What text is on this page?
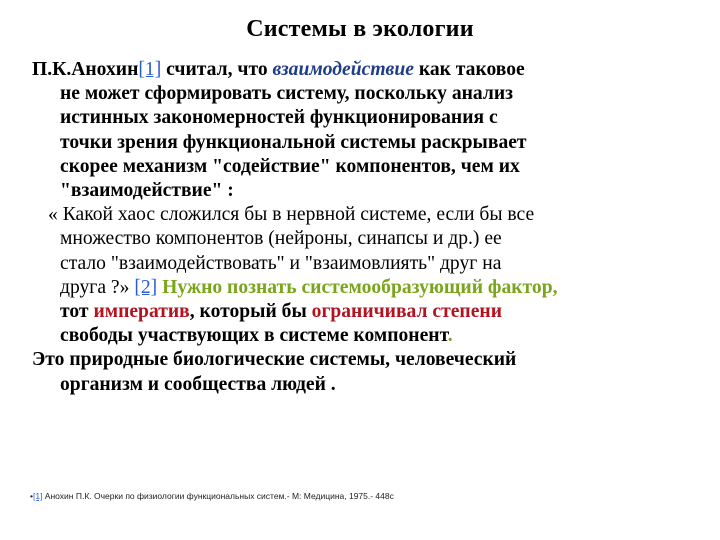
Системы в экологии
П.К.Анохин[1] считал, что взаимодействие как таковое
не может сформировать систему, поскольку анализ
истинных закономерностей функционирования с
точки зрения функциональной системы раскрывает
скорее механизм "содействие" компонентов, чем их
"взаимодействие" :
« Какой хаос сложился бы в нервной системе, если бы все
множество компонентов (нейроны, синапсы и др.) ее
стало "взаимодействовать" и "взаимовлиять" друг на
друга ?» [2] Нужно познать системообразующий фактор,
тот императив, который бы ограничивал степени
свободы участвующих в системе компонент.
Это природные биологические системы, человеческий
организм и сообщества людей .
•[1] Анохин П.К. Очерки по физиологии функциональных систем.- М: Медицина, 1975.- 448с
